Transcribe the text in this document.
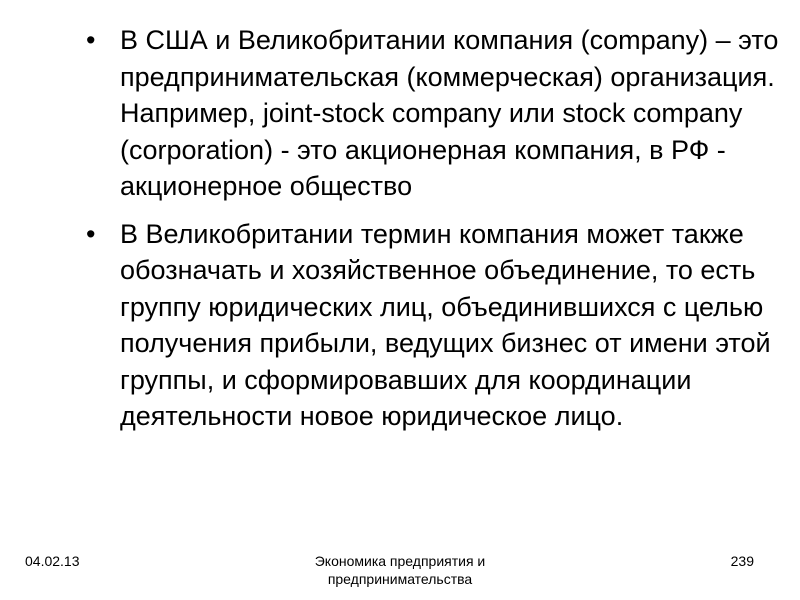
• В США и Великобритании компания (company) – это предпринимательская (коммерческая) организация. Например, joint-stock company или stock company (corporation) - это акционерная компания, в РФ - акционерное общество
• В Великобритании термин компания может также обозначать и хозяйственное объединение, то есть группу юридических лиц, объединившихся с целью получения прибыли, ведущих бизнес от имени этой группы, и сформировавших для координации деятельности новое юридическое лицо.
04.02.13	Экономика предприятия и предпринимательства
239
